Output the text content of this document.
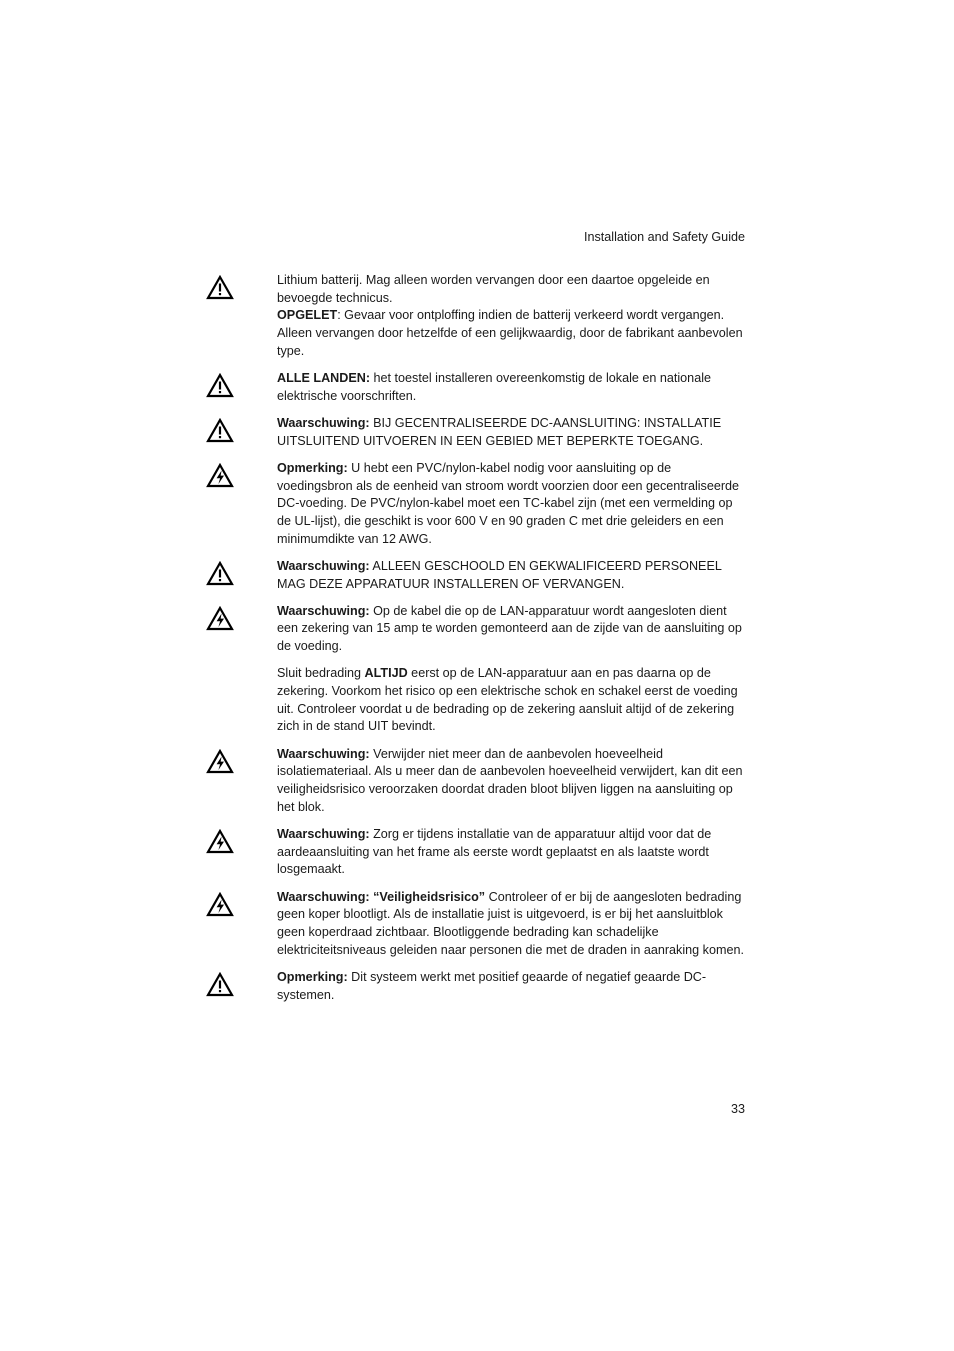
Installation and Safety Guide

Lithium batterij. Mag alleen worden vervangen door een daartoe opgeleide en bevoegde technicus.

OPGELET: Gevaar voor ontploffing indien de batterij verkeerd wordt vergangen. Alleen vervangen door hetzelfde of een gelijkwaardig, door de fabrikant aanbevolen type.

ALLE LANDEN: het toestel installeren overeenkomstig de lokale en nationale elektrische voorschriften.

Waarschuwing: BIJ GECENTRALISEERDE DC-AANSLUITING: INSTALLATIE UITSLUITEND UITVOEREN IN EEN GEBIED MET BEPERKTE TOEGANG.

Opmerking: U hebt een PVC/nylon-kabel nodig voor aansluiting op de voedingsbron als de eenheid van stroom wordt voorzien door een gecentraliseerde DC-voeding. De PVC/nylon-kabel moet een TC-kabel zijn (met een vermelding op de UL-lijst), die geschikt is voor 600 V en 90 graden C met drie geleiders en een minimumdikte van 12 AWG.

Waarschuwing: ALLEEN GESCHOOLD EN GEKWALIFICEERD PERSONEEL MAG DEZE APPARATUUR INSTALLEREN OF VERVANGEN.

Waarschuwing: Op de kabel die op de LAN-apparatuur wordt aangesloten dient een zekering van 15 amp te worden gemonteerd aan de zijde van de aansluiting op de voeding.

Sluit bedrading ALTIJD eerst op de LAN-apparatuur aan en pas daarna op de zekering. Voorkom het risico op een elektrische schok en schakel eerst de voeding uit. Controleer voordat u de bedrading op de zekering aansluit altijd of de zekering zich in de stand UIT bevindt.

Waarschuwing: Verwijder niet meer dan de aanbevolen hoeveelheid isolatiemateriaal. Als u meer dan de aanbevolen hoeveelheid verwijdert, kan dit een veiligheidsrisico veroorzaken doordat draden bloot blijven liggen na aansluiting op het blok.

Waarschuwing: Zorg er tijdens installatie van de apparatuur altijd voor dat de aardeaansluiting van het frame als eerste wordt geplaatst en als laatste wordt losgemaakt.

Waarschuwing: “Veiligheidsrisico” Controleer of er bij de aangesloten bedrading geen koper blootligt. Als de installatie juist is uitgevoerd, is er bij het aansluitblok geen koperdraad zichtbaar. Blootliggende bedrading kan schadelijke elektriciteitsniveaus geleiden naar personen die met de draden in aanraking komen.

Opmerking: Dit systeem werkt met positief geaarde of negatief geaarde DC-systemen.

33
